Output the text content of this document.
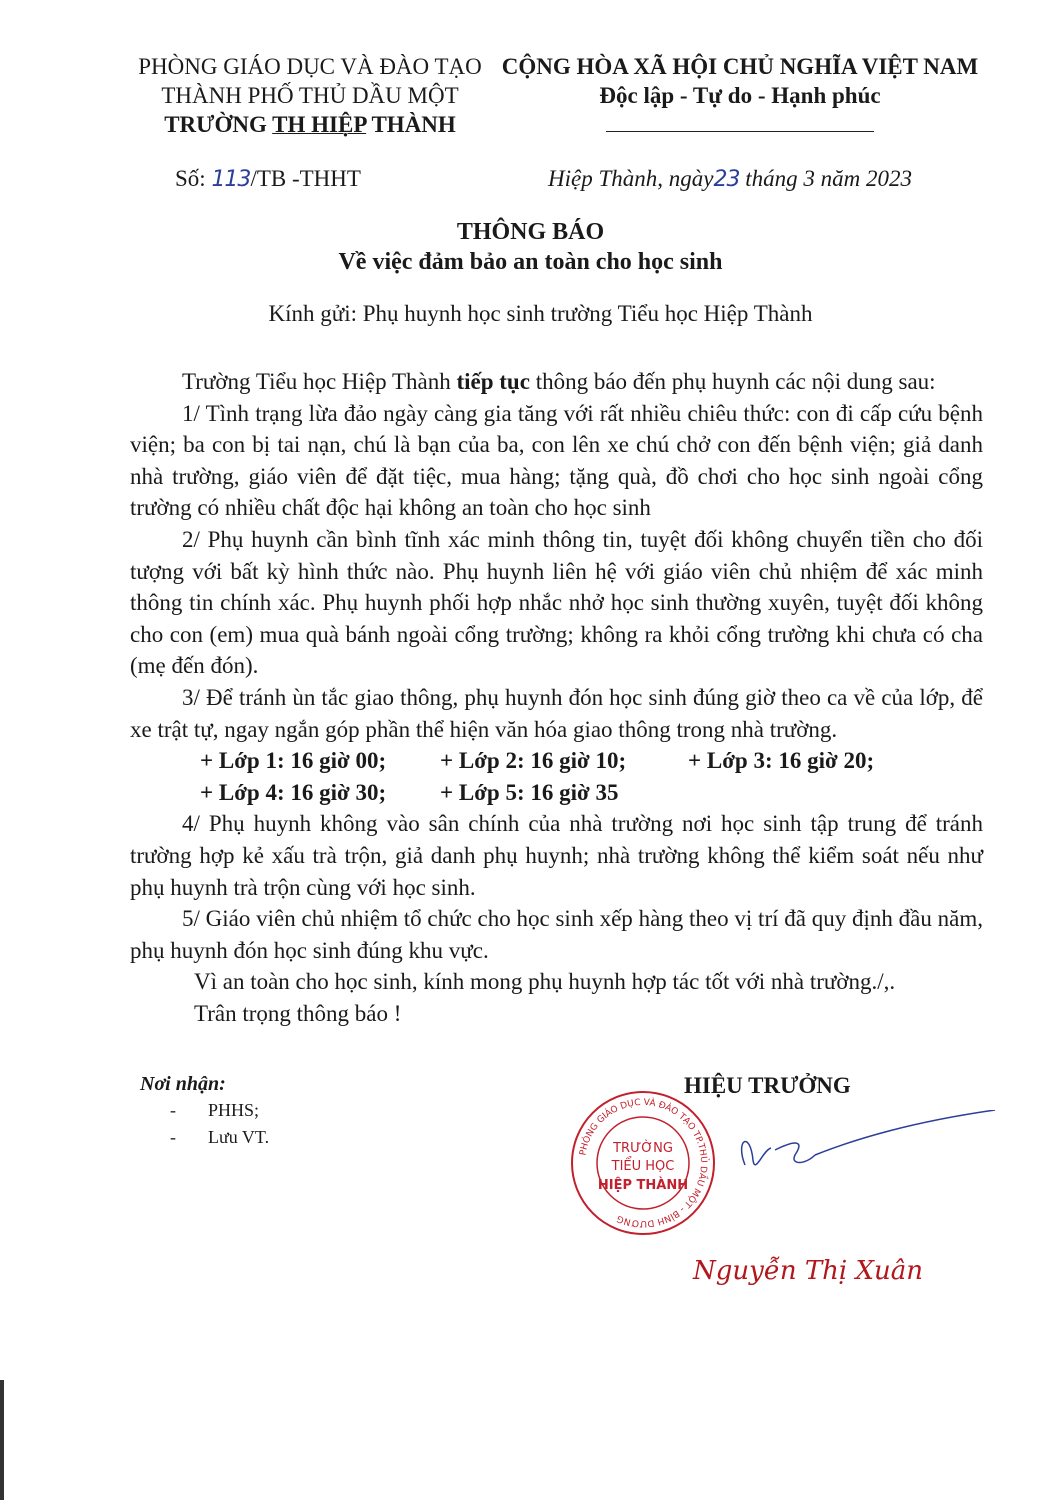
PHÒNG GIÁO DỤC VÀ ĐÀO TẠO
THÀNH PHỐ THỦ DẦU MỘT
TRƯỜNG TH HIỆP THÀNH
CỘNG HÒA XÃ HỘI CHỦ NGHĨA VIỆT NAM
Độc lập - Tự do - Hạnh phúc
Số: 113/TB -THHT	Hiệp Thành, ngày23 tháng 3 năm 2023
THÔNG BÁO
Về việc đảm bảo an toàn cho học sinh
Kính gửi: Phụ huynh học sinh trường Tiểu học Hiệp Thành

Trường Tiểu học Hiệp Thành tiếp tục thông báo đến phụ huynh các nội dung sau:

1/ Tình trạng lừa đảo ngày càng gia tăng với rất nhiều chiêu thức: con đi cấp cứu bệnh viện; ba con bị tai nạn, chú là bạn của ba, con lên xe chú chở con đến bệnh viện; giả danh nhà trường, giáo viên để đặt tiệc, mua hàng; tặng quà, đồ chơi cho học sinh ngoài cổng trường có nhiều chất độc hại không an toàn cho học sinh

2/ Phụ huynh cần bình tĩnh xác minh thông tin, tuyệt đối không chuyển tiền cho đối tượng với bất kỳ hình thức nào. Phụ huynh liên hệ với giáo viên chủ nhiệm để xác minh thông tin chính xác. Phụ huynh phối hợp nhắc nhở học sinh thường xuyên, tuyệt đối không cho con (em) mua quà bánh ngoài cổng trường; không ra khỏi cổng trường khi chưa có cha (mẹ đến đón).

3/ Để tránh ùn tắc giao thông, phụ huynh đón học sinh đúng giờ theo ca về của lớp, để xe trật tự, ngay ngắn góp phần thể hiện văn hóa giao thông trong nhà trường.

+ Lớp 1: 16 giờ 00;	+ Lớp 2: 16 giờ 10;	+ Lớp 3: 16 giờ 20;
+ Lớp 4: 16 giờ 30;	+ Lớp 5: 16 giờ 35

4/ Phụ huynh không vào sân chính của nhà trường nơi học sinh tập trung để tránh trường hợp kẻ xấu trà trộn, giả danh phụ huynh; nhà trường không thể kiểm soát nếu như phụ huynh trà trộn cùng với học sinh.

5/ Giáo viên chủ nhiệm tổ chức cho học sinh xếp hàng theo vị trí đã quy định đầu năm, phụ huynh đón học sinh đúng khu vực.

Vì an toàn cho học sinh, kính mong phụ huynh hợp tác tốt với nhà trường./,.

Trân trọng thông báo !

Nơi nhận:
- PHHS;
- Lưu VT.
HIỆU TRƯỞNG
PHÒNG GIÁO DỤC VÀ ĐÀO TẠO TP.THỦ DẦU MỘT - BÌNH DƯƠNG
TRƯỜNG
TIỂU HỌC
HIỆP THÀNH
Nguyễn Thị Xuân
